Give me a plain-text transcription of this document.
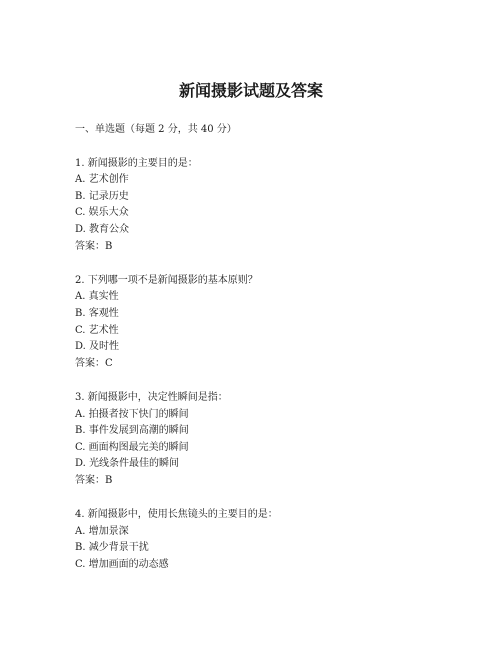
新闻摄影试题及答案
一、单选题（每题 2 分，共 40 分）
1. 新闻摄影的主要目的是：
A. 艺术创作
B. 记录历史
C. 娱乐大众
D. 教育公众
答案：B
2. 下列哪一项不是新闻摄影的基本原则？
A. 真实性
B. 客观性
C. 艺术性
D. 及时性
答案：C
3. 新闻摄影中，决定性瞬间是指：
A. 拍摄者按下快门的瞬间
B. 事件发展到高潮的瞬间
C. 画面构图最完美的瞬间
D. 光线条件最佳的瞬间
答案：B
4. 新闻摄影中，使用长焦镜头的主要目的是：
A. 增加景深
B. 减少背景干扰
C. 增加画面的动态感
